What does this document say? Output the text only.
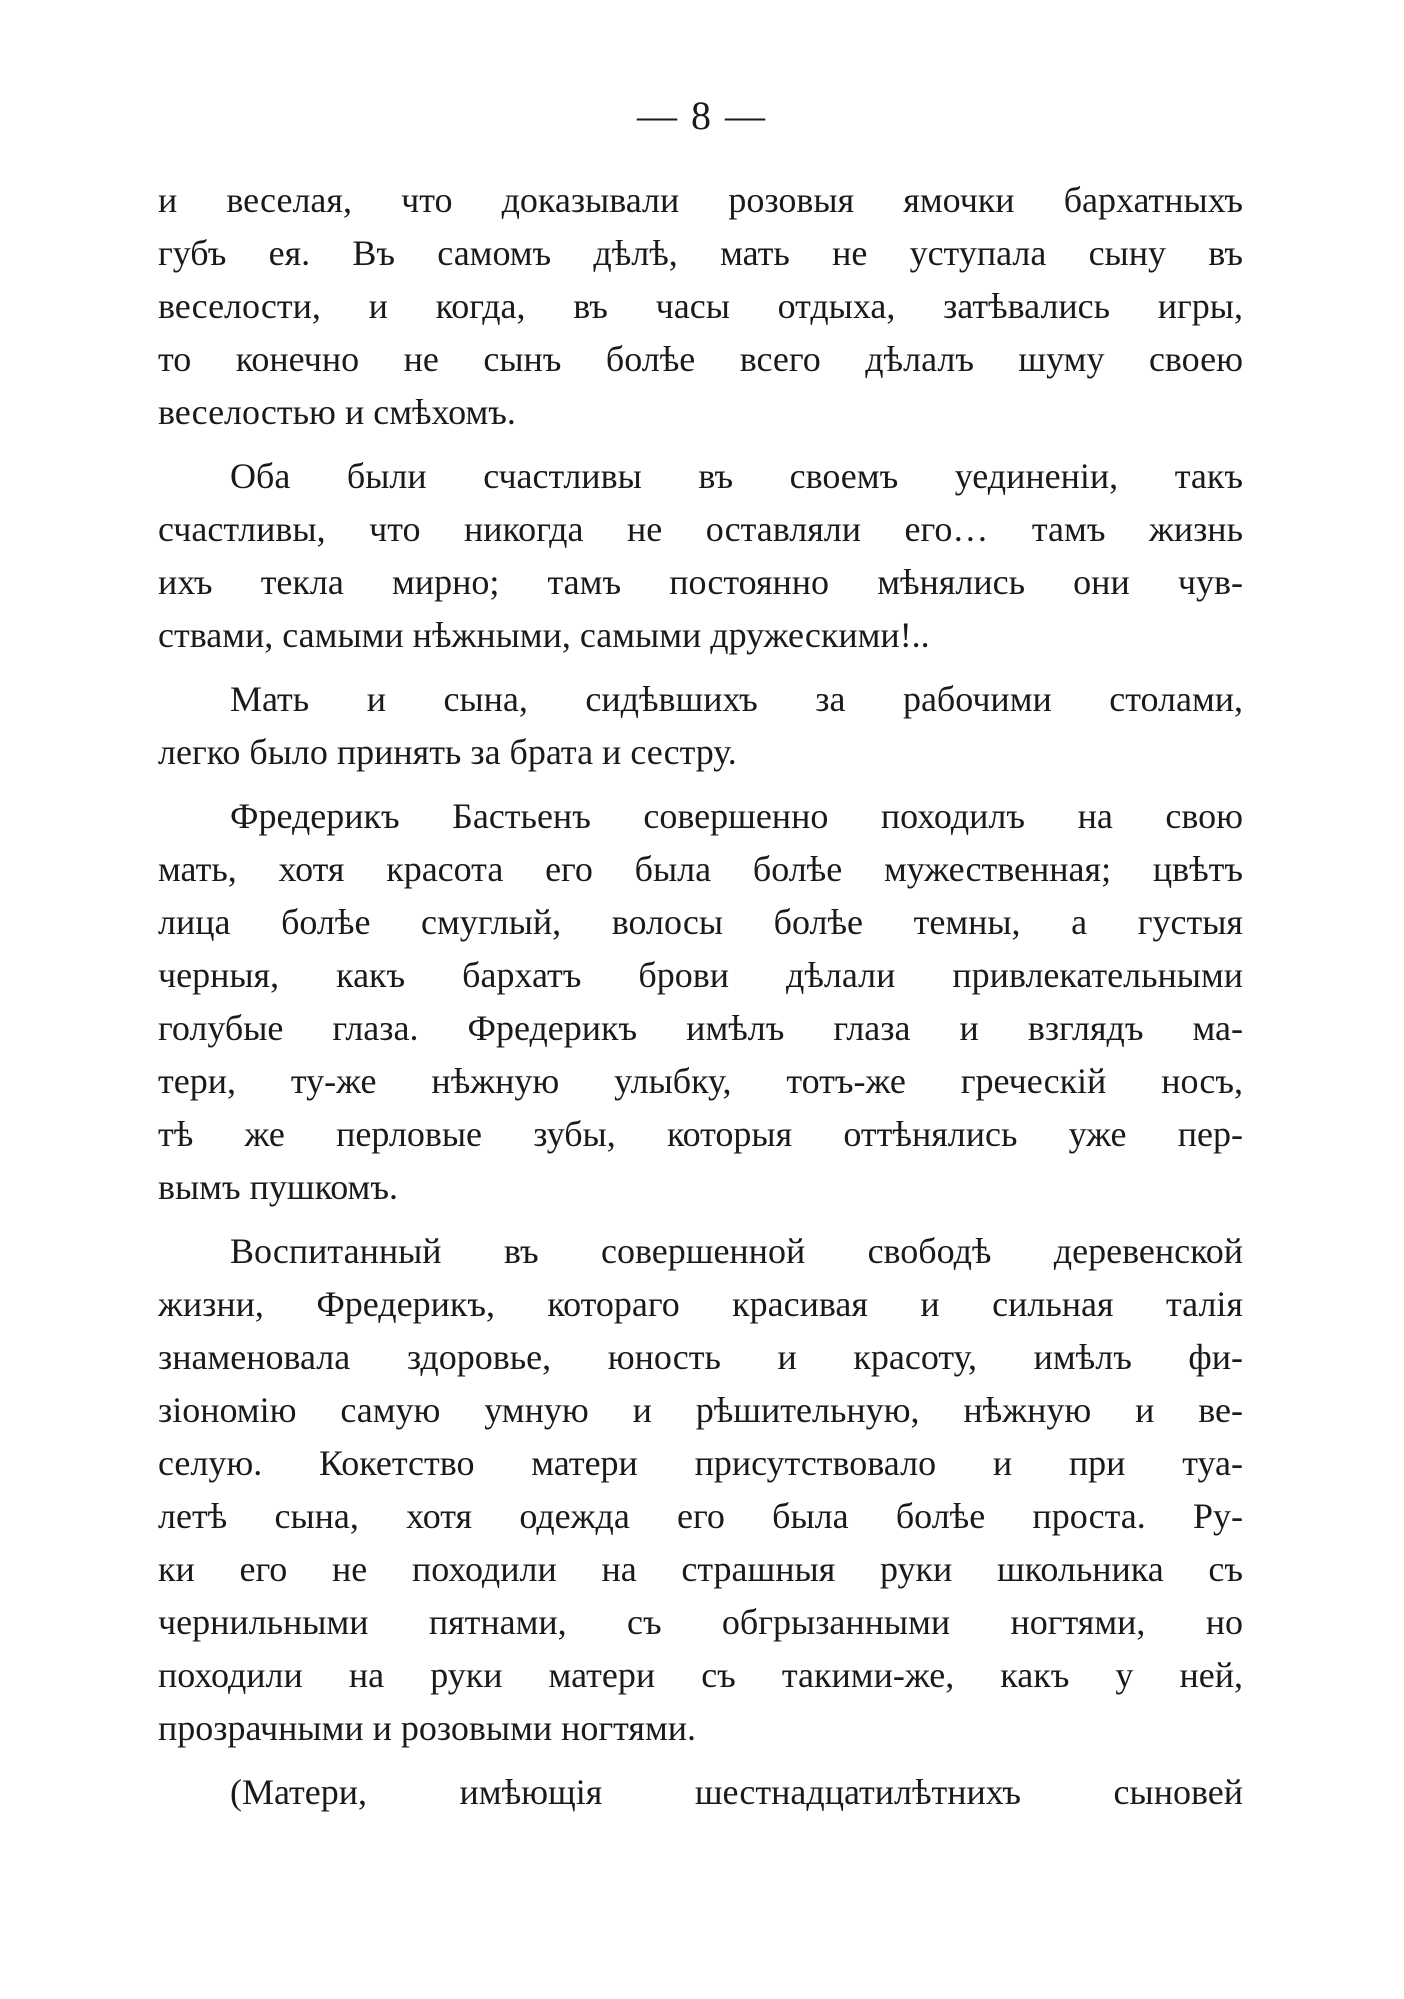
— 8 —
и веселая, что доказывали розовыя ямочки бархатныхъ
губъ ея. Въ самомъ дѣлѣ, мать не уступала сыну въ
веселости, и когда, въ часы отдыха, затѣвались игры,
то конечно не сынъ болѣе всего дѣлалъ шуму своею
веселостью и смѣхомъ.
Оба были счастливы въ своемъ уединеніи, такъ
счастливы, что никогда не оставляли его… тамъ жизнь
ихъ текла мирно; тамъ постоянно мѣнялись они чув-
ствами, самыми нѣжными, самыми дружескими!..
Мать и сына, сидѣвшихъ за рабочими столами,
легко было принять за брата и сестру.
Фредерикъ Бастьенъ совершенно походилъ на свою
мать, хотя красота его была болѣе мужественная; цвѣтъ
лица болѣе смуглый, волосы болѣе темны, а густыя
черныя, какъ бархатъ брови дѣлали привлекательными
голубые глаза. Фредерикъ имѣлъ глаза и взглядъ ма-
тери, ту-же нѣжную улыбку, тотъ-же греческій носъ,
тѣ же перловые зубы, которыя оттѣнялись уже пер-
вымъ пушкомъ.
Воспитанный въ совершенной свободѣ деревенской
жизни, Фредерикъ, котораго красивая и сильная талія
знаменовала здоровье, юность и красоту, имѣлъ фи-
зіономію самую умную и рѣшительную, нѣжную и ве-
селую. Кокетство матери присутствовало и при туа-
летѣ сына, хотя одежда его была болѣе проста. Ру-
ки его не походили на страшныя руки школьника съ
чернильными пятнами, съ обгрызанными ногтями, но
походили на руки матери съ такими-же, какъ у ней,
прозрачными и розовыми ногтями.
(Матери, имѣющія шестнадцатилѣтнихъ сыновей
